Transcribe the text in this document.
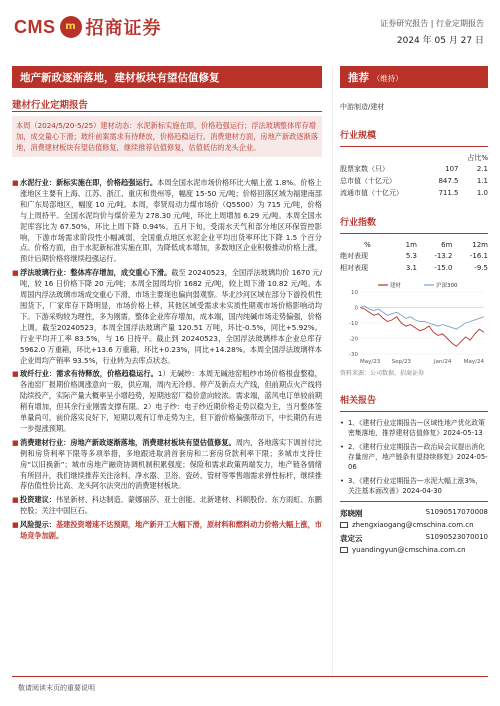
CMS m 招商证券	证券研究报告 | 行业定期报告
2024 年 05 月 27 日
地产新政逐渐落地，建材板块有望估值修复	推荐 （维持）
建材行业定期报告
本周（2024/5/20-5/25）建材动态：水泥新标实施在即，价格趋强运行；浮法玻璃整体库存增加，成交量心下滑；玻纤前案需求有待释放，价格趋稳运行。消费建材方面，房地产新政逐渐落地，消费建材板块有望估值修复，继续推荐估值修复，估值低估的龙头企业。
■ 水泥行业：新标实施在即，价格趋强运行。本周全国水泥市场价格环比大幅上涨 1.8%。价格上涨地区主要有上海、江苏、浙江、重庆和贵州等，幅度 15-50 元/吨；价格回落区域为福建南部和广东局部地区，幅度 10 元/吨。本周，奉贤局动力煤市场价（Q5500）为 715 元/吨，价格与上周持平。全国水泥均价与煤价差为 278.30 元/吨，环比上周增加 6.29 元/吨。本周全国水泥库容比为 67.50%，环比上周下降 0.94%。五月下旬，受雨水天气和部分地区环保管控影响，下游市场需求阶段性小幅减弱，全国重点地区水泥企业平均出货率环比下降 1.5 个百分点。价格方面，由于水泥新标准实施在即，为降低成本增加，多数地区企业积极推动价格上涨，预计后期价格将继续趋强运行。
■ 浮法玻璃行业：整体库存增加，成交重心下滑。截至 20240523，全国浮法玻璃均价 1670 元/吨，较 16 日价格下降 20 元/吨；本周全国周均价 1682 元/吨，较上周下滑 10.82 元/吨。本周国内浮法玻璃市场成交重心下滑，市场主要现也偏向弱观察。华北沙河区域在部分下游投机性囤货下，厂家库存下降明显，市场价格上移，其他区域受需求未实质性期观市场价格影响动均下。下游采购较为理性，多为刚需，整体企业库存增加，成本端，国内纯碱市场走势偏强，价格上调。截至20240523，本周全国浮法玻璃产量 120.51 万吨，环比-0.5%，同比+5.92%。行业平均开工率 83.5%，与 16 日持平。截止到 20240523，全国浮法玻璃样本企业总库存 5962.0 万重箱，环比+13.6 万重箱，环比+0.23%，同比+14.28%。本周全国浮法玻璃样本企业周均产销率 93.5%，行业转为去库点状态。
■ 玻纤行业：需求有待释放，价格趋稳运行。1）无碱纱：本周无碱池窑粗纱市场价格根盘整稳，各池窑厂报期价格调涨意向一般，供应端，周内无冷修、停产及新点大产线，但前期点火产线将陆续投产，实际产量大概率呈小增趋势，短期池窑厂稳价意向较浓。需求端，蓝风电订单较前期稍有增加，但其余行业刚需支撑有限。2）电子纱：电子纱近期价格走势以稳为主，当月整体签单量尚可，前价落实良好下，短期以观有订单走势为主，但下游价格偏强带动下，中长期仍有进一步提涨预期。
■ 消费建材行业：房地产新政逐渐落地，消费建材板块有望估值修复。周内，各地落实下调首付比例和房贷利率下限等多项举措，多地跟进取消首套房和二套房贷款利率下限；多城市支持住房“以旧换新”；城市房地产融资协调机制积累强度；保险和需求政策两端发力，地产链各情绪有所回升，我们继续推荐关注涂料、净水器、卫浴、瓷砖、管材等零售端需求弹性标杆，继续推荐估值性价比高、龙头阿尔法突出的消费建材板块。
■ 投资建议：伟星新材、科达制造、蒙娜丽莎、亚士创能、北新建材、科顺股份、东方雨虹、东鹏控股；关注中国巨石。
■ 风险提示：基建投资增速不达预期，地产新开工大幅下滑，原材料和燃料动力价格大幅上涨，市场竞争加剧。
中游制造/建材
行业规模
		占比%
股票家数（只）	107	2.1
总市值（十亿元）	847.5	1.1
流通市值（十亿元）	711.5	1.0
行业指数
%	1m	6m	12m
绝对表现	5.3	-13.2	-16.1
相对表现	3.1	-15.0	-9.5
10
0
-10
-20
-30
May/23 Sep/23	Jan/24 May/24
建材	沪深300
资料来源：公司数据、招商证券
相关报告
• 1、《建材行业定期报告—区域性地产优化政策密集落地，推荐建材估值修复》2024-05-13
• 2、《建材行业定期报告—政治局会议提出消化存量房产，地产链条有望持续修复》2024-05-06
• 3、《建材行业定期报告—水泥大幅上涨3%，关注基本面改善》2024-04-30
郑晓刚	S1090517070008
zhengxiaogang@cmschina.com.cn
袁定云	S1090523070010
yuandingyun@cmschina.com.cn
敬请阅读末页的重要说明
